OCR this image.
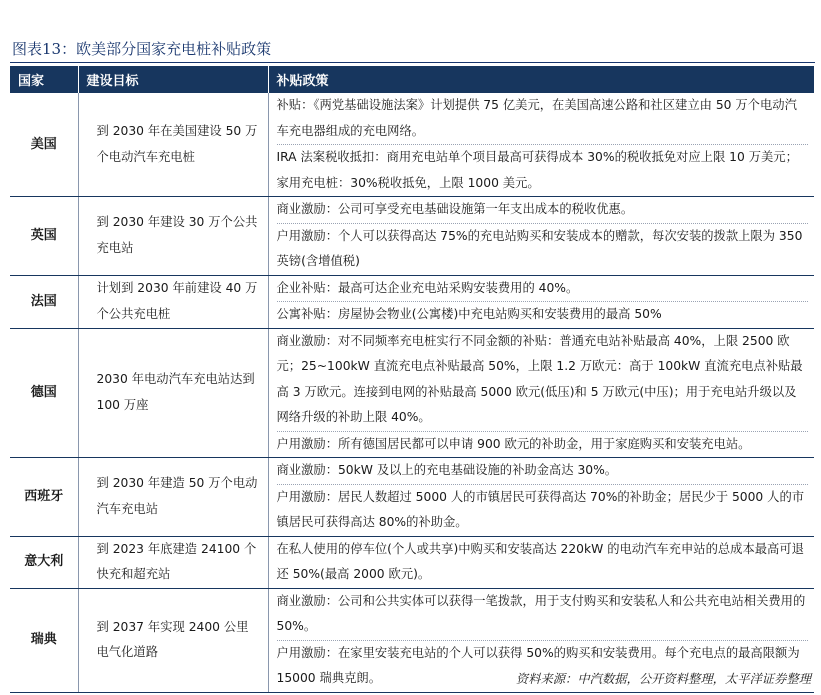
图表13：欧美部分国家充电桩补贴政策
国家	建设目标	补贴政策
美国	到 2030 年在美国建设 50 万个电动汽车充电桩	补贴：《两党基础设施法案》计划提供 75 亿美元，在美国高速公路和社区建立由 50 万个电动汽车充电器组成的充电网络。
IRA 法案税收抵扣：商用充电站单个项目最高可获得成本 30%的税收抵免对应上限 10 万美元；家用充电桩：30%税收抵免，上限 1000 美元。

英国	到 2030 年建设 30 万个公共充电站	商业激励：公司可享受充电基础设施第一年支出成本的税收优惠。
户用激励：个人可以获得高达 75%的充电站购买和安装成本的赠款，每次安装的拨款上限为 350 英镑(含增值税)

法国	计划到 2030 年前建设 40 万个公共充电桩	企业补贴：最高可达企业充电站采购安装费用的 40%。
公寓补贴：房屋协会物业(公寓楼)中充电站购买和安装费用的最高 50%

德国	2030 年电动汽车充电站达到 100 万座	商业激励：对不同频率充电桩实行不同金额的补贴：普通充电站补贴最高 40%，上限 2500 欧元；25~100kW 直流充电点补贴最高 50%，上限 1.2 万欧元：高于 100kW 直流充电点补贴最高 3 万欧元。连接到电网的补贴最高 5000 欧元(低压)和 5 万欧元(中压)；用于充电站升级以及网络升级的补助上限 40%。
户用激励：所有德国居民都可以申请 900 欧元的补助金，用于家庭购买和安装充电站。

西班牙	到 2030 年建造 50 万个电动汽车充电站	商业激励：50kW 及以上的充电基础设施的补助金高达 30%。
户用激励：居民人数超过 5000 人的市镇居民可获得高达 70%的补助金；居民少于 5000 人的市镇居民可获得高达 80%的补助金。

意大利	到 2023 年底建造 24100 个快充和超充站	在私人使用的停车位(个人或共享)中购买和安装高达 220kW 的电动汽车充申站的总成本最高可退还 50%(最高 2000 欧元)。

瑞典	到 2037 年实现 2400 公里电气化道路	商业激励：公司和公共实体可以获得一笔拨款，用于支付购买和安装私人和公共充电站相关费用的 50%。
户用激励：在家里安装充电站的个人可以获得 50%的购买和安装费用。每个充电点的最高限额为 15000 瑞典克朗。	资料来源：中汽数据，公开资料整理，太平洋证券整理
